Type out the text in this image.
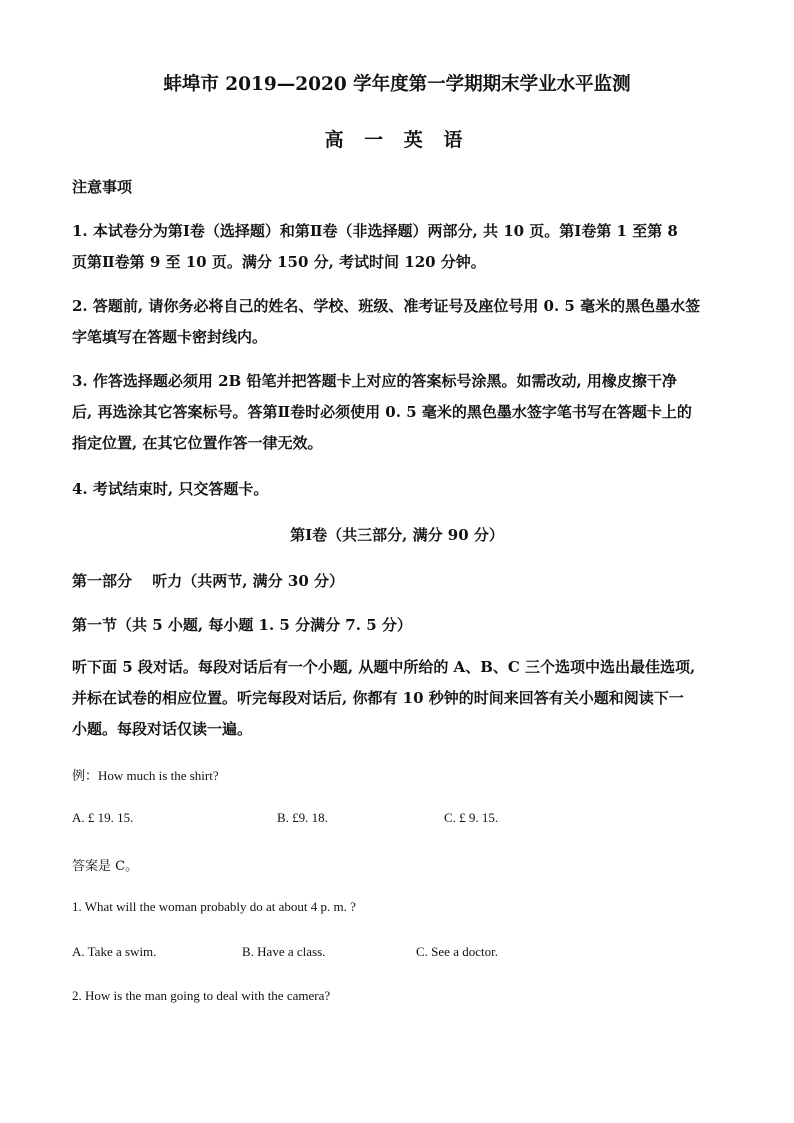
蚌埠市 2019—2020 学年度第一学期期末学业水平监测
高 一 英 语
注意事项
1. 本试卷分为第Ⅰ卷（选择题）和第Ⅱ卷（非选择题）两部分, 共 10 页。第Ⅰ卷第 1 至第 8
页第Ⅱ卷第 9 至 10 页。满分 150 分, 考试时间 120 分钟。
2. 答题前, 请你务必将自己的姓名、学校、班级、准考证号及座位号用 0. 5 毫米的黑色墨水签
字笔填写在答题卡密封线内。
3. 作答选择题必须用 2B 铅笔并把答题卡上对应的答案标号涂黑。如需改动, 用橡皮擦干净
后, 再选涂其它答案标号。答第Ⅱ卷时必须使用 0. 5 毫米的黑色墨水签字笔书写在答题卡上的
指定位置, 在其它位置作答一律无效。
4. 考试结束时, 只交答题卡。
第Ⅰ卷（共三部分, 满分 90 分）
第一部分　 听力（共两节, 满分 30 分）
第一节（共 5 小题, 每小题 1. 5 分满分 7. 5 分）
听下面 5 段对话。每段对话后有一个小题, 从题中所给的 A、B、C 三个选项中选出最佳选项,
并标在试卷的相应位置。听完每段对话后, 你都有 10 秒钟的时间来回答有关小题和阅读下一
小题。每段对话仅读一遍。
例：How much is the shirt?
A. £ 19. 15.	B. £9. 18.	C. £ 9. 15.
答案是 C。
1. What will the woman probably do at about 4 p. m. ?
A. Take a swim.	B. Have a class.	C. See a doctor.
2. How is the man going to deal with the camera?
